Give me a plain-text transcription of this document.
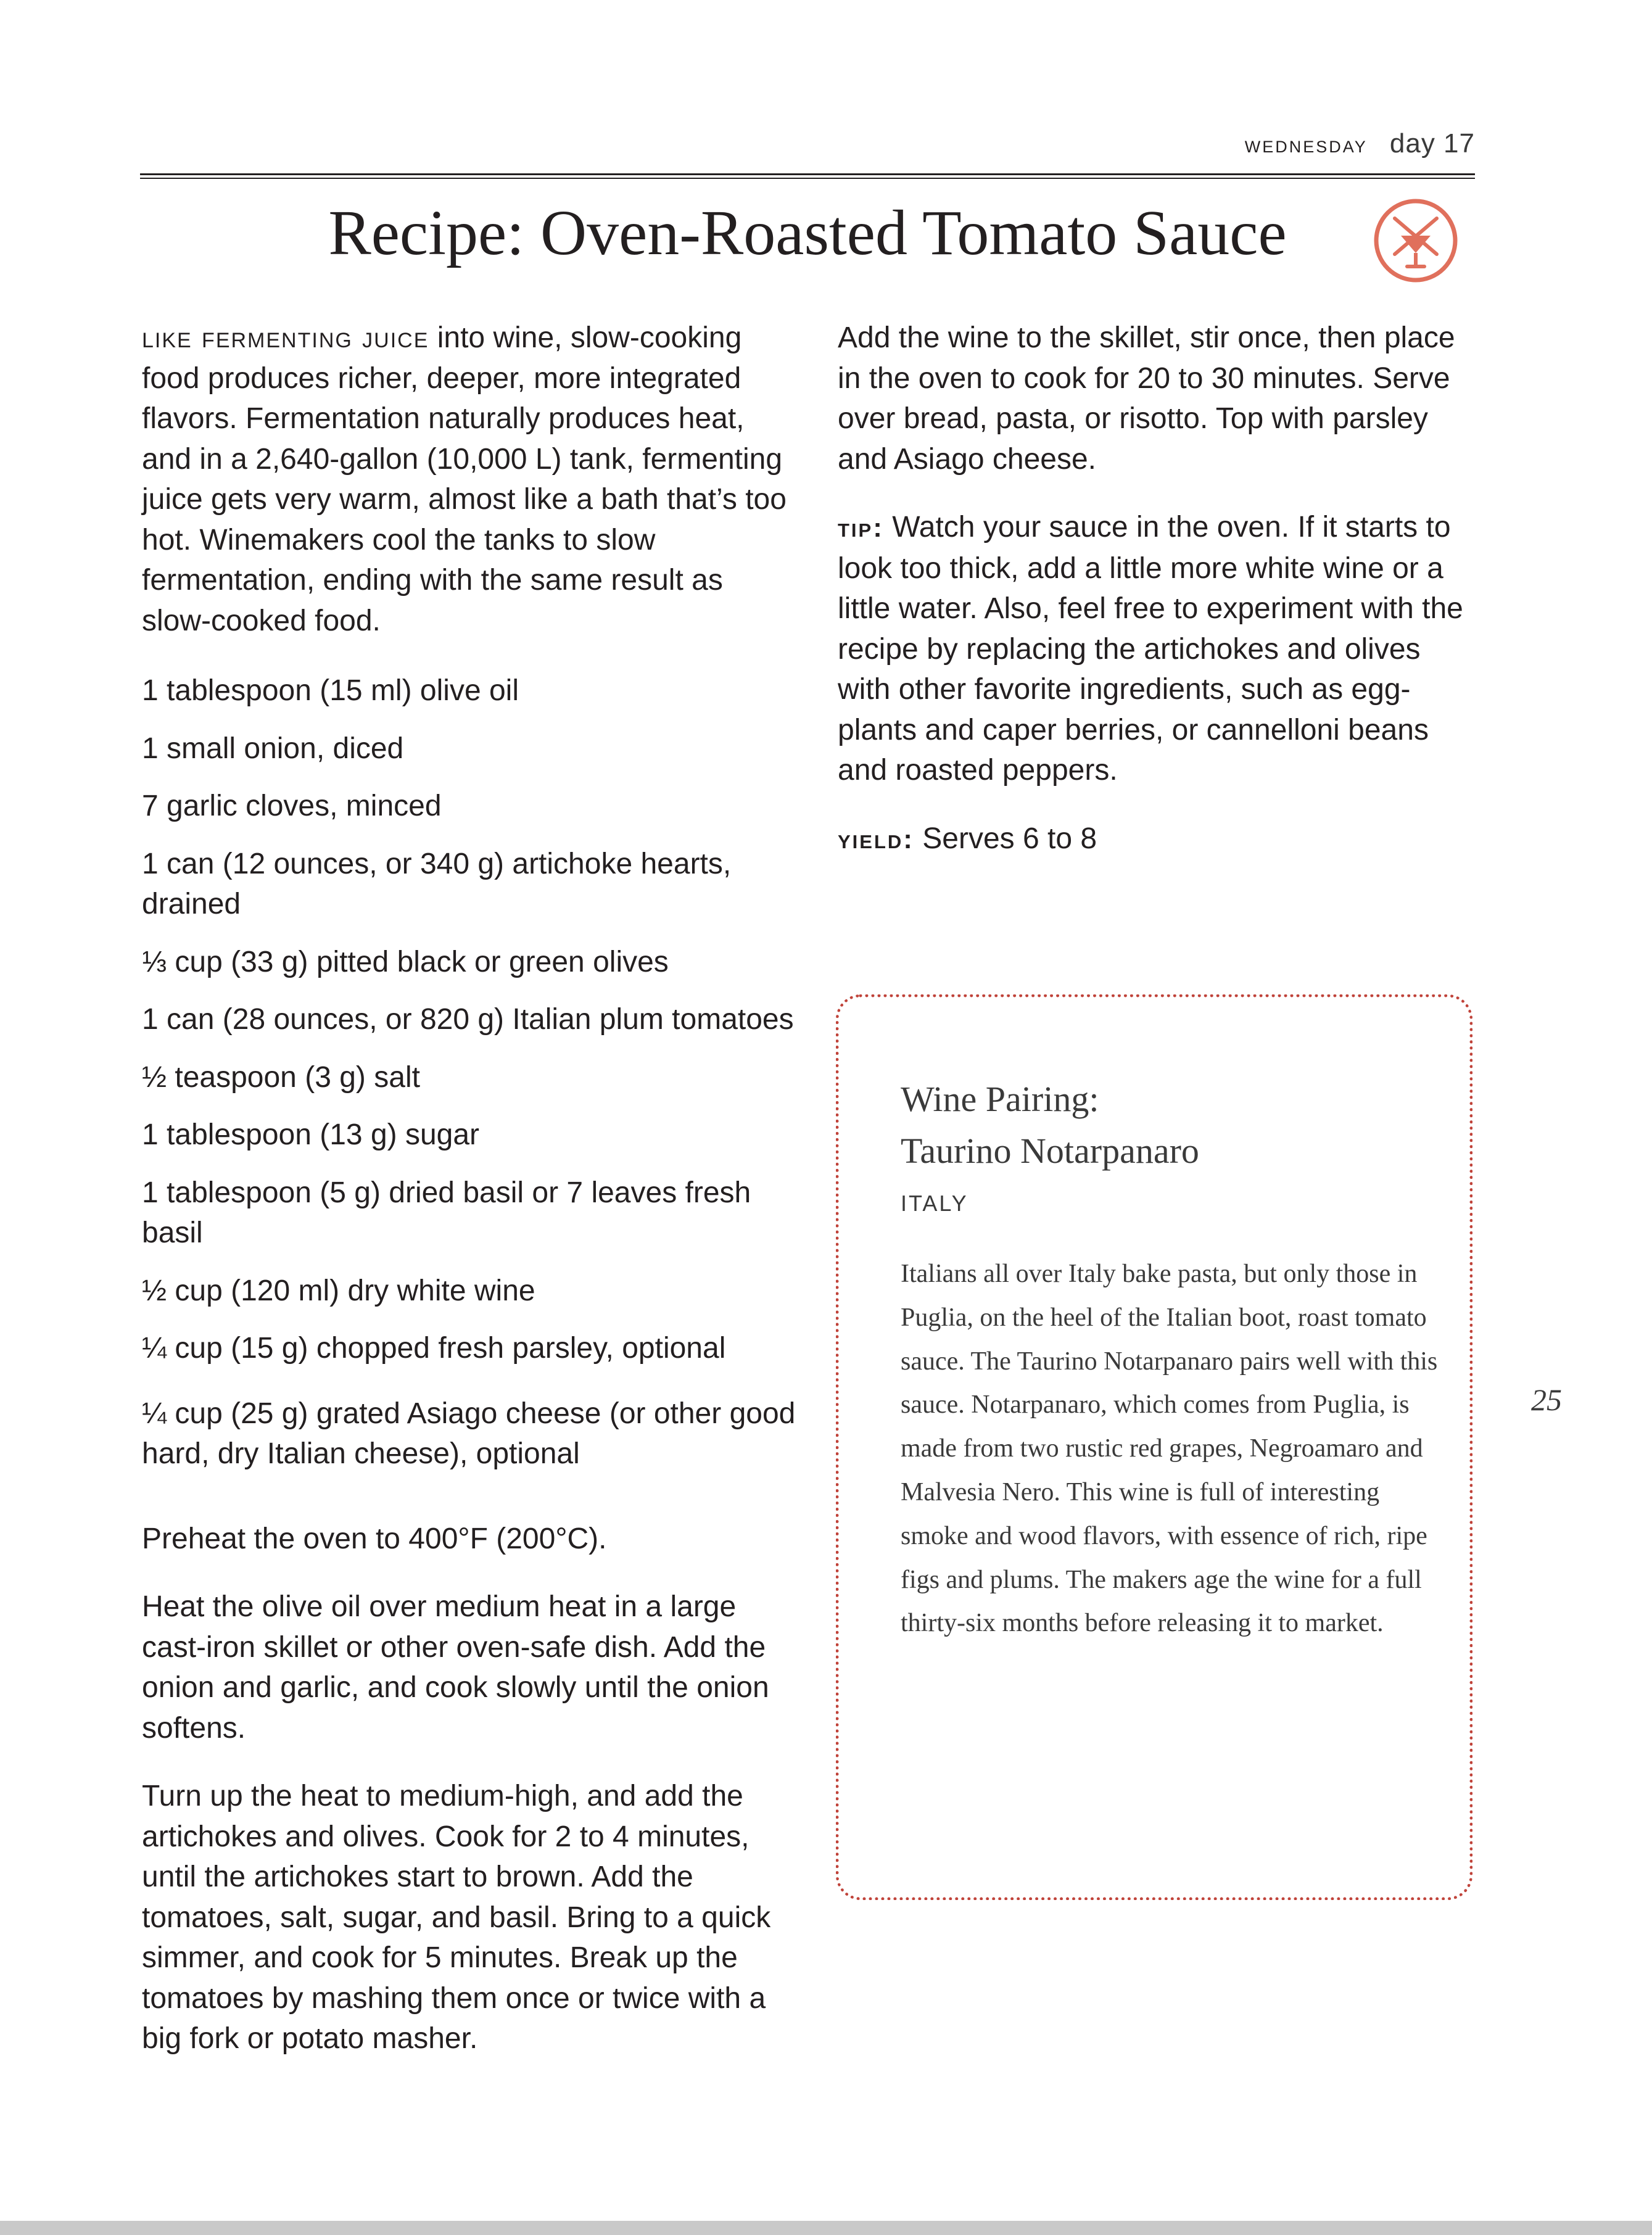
wednesday day 17
Recipe: Oven-Roasted Tomato Sauce

like fermenting juice into wine, slow-cooking food produces richer, deeper, more integrated flavors. Fermentation naturally produces heat, and in a 2,640-gallon (10,000 L) tank, fermenting juice gets very warm, almost like a bath that’s too hot. Winemakers cool the tanks to slow fermentation, ending with the same result as slow-cooked food.

1 tablespoon (15 ml) olive oil

1 small onion, diced

7 garlic cloves, minced

1 can (12 ounces, or 340 g) artichoke hearts, drained

⅓ cup (33 g) pitted black or green olives

1 can (28 ounces, or 820 g) Italian plum tomatoes

½ teaspoon (3 g) salt

1 tablespoon (13 g) sugar

1 tablespoon (5 g) dried basil or 7 leaves fresh basil

½ cup (120 ml) dry white wine

¼ cup (15 g) chopped fresh parsley, optional

¼ cup (25 g) grated Asiago cheese (or other good hard, dry Italian cheese), optional

Preheat the oven to 400°F (200°C).

Heat the olive oil over medium heat in a large cast-iron skillet or other oven-safe dish. Add the onion and garlic, and cook slowly until the onion softens.

Turn up the heat to medium-high, and add the artichokes and olives. Cook for 2 to 4 minutes, until the artichokes start to brown. Add the tomatoes, salt, sugar, and basil. Bring to a quick simmer, and cook for 5 minutes. Break up the tomatoes by mashing them once or twice with a big fork or potato masher.

Add the wine to the skillet, stir once, then place in the oven to cook for 20 to 30 minutes. Serve over bread, pasta, or risotto. Top with parsley and Asiago cheese.

tip: Watch your sauce in the oven. If it starts to look too thick, add a little more white wine or a little water. Also, feel free to experiment with the recipe by replacing the artichokes and olives with other favorite ingredients, such as egg-plants and caper berries, or cannelloni beans and roasted peppers.

yield: Serves 6 to 8

Wine Pairing:
Taurino Notarpanaro
ITALY

Italians all over Italy bake pasta, but only those in Puglia, on the heel of the Italian boot, roast tomato sauce. The Taurino Notarpanaro pairs well with this sauce. Notarpanaro, which comes from Puglia, is made from two rustic red grapes, Negroamaro and Malvesia Nero. This wine is full of interesting smoke and wood flavors, with essence of rich, ripe figs and plums. The makers age the wine for a full thirty-six months before releasing it to market.

25
